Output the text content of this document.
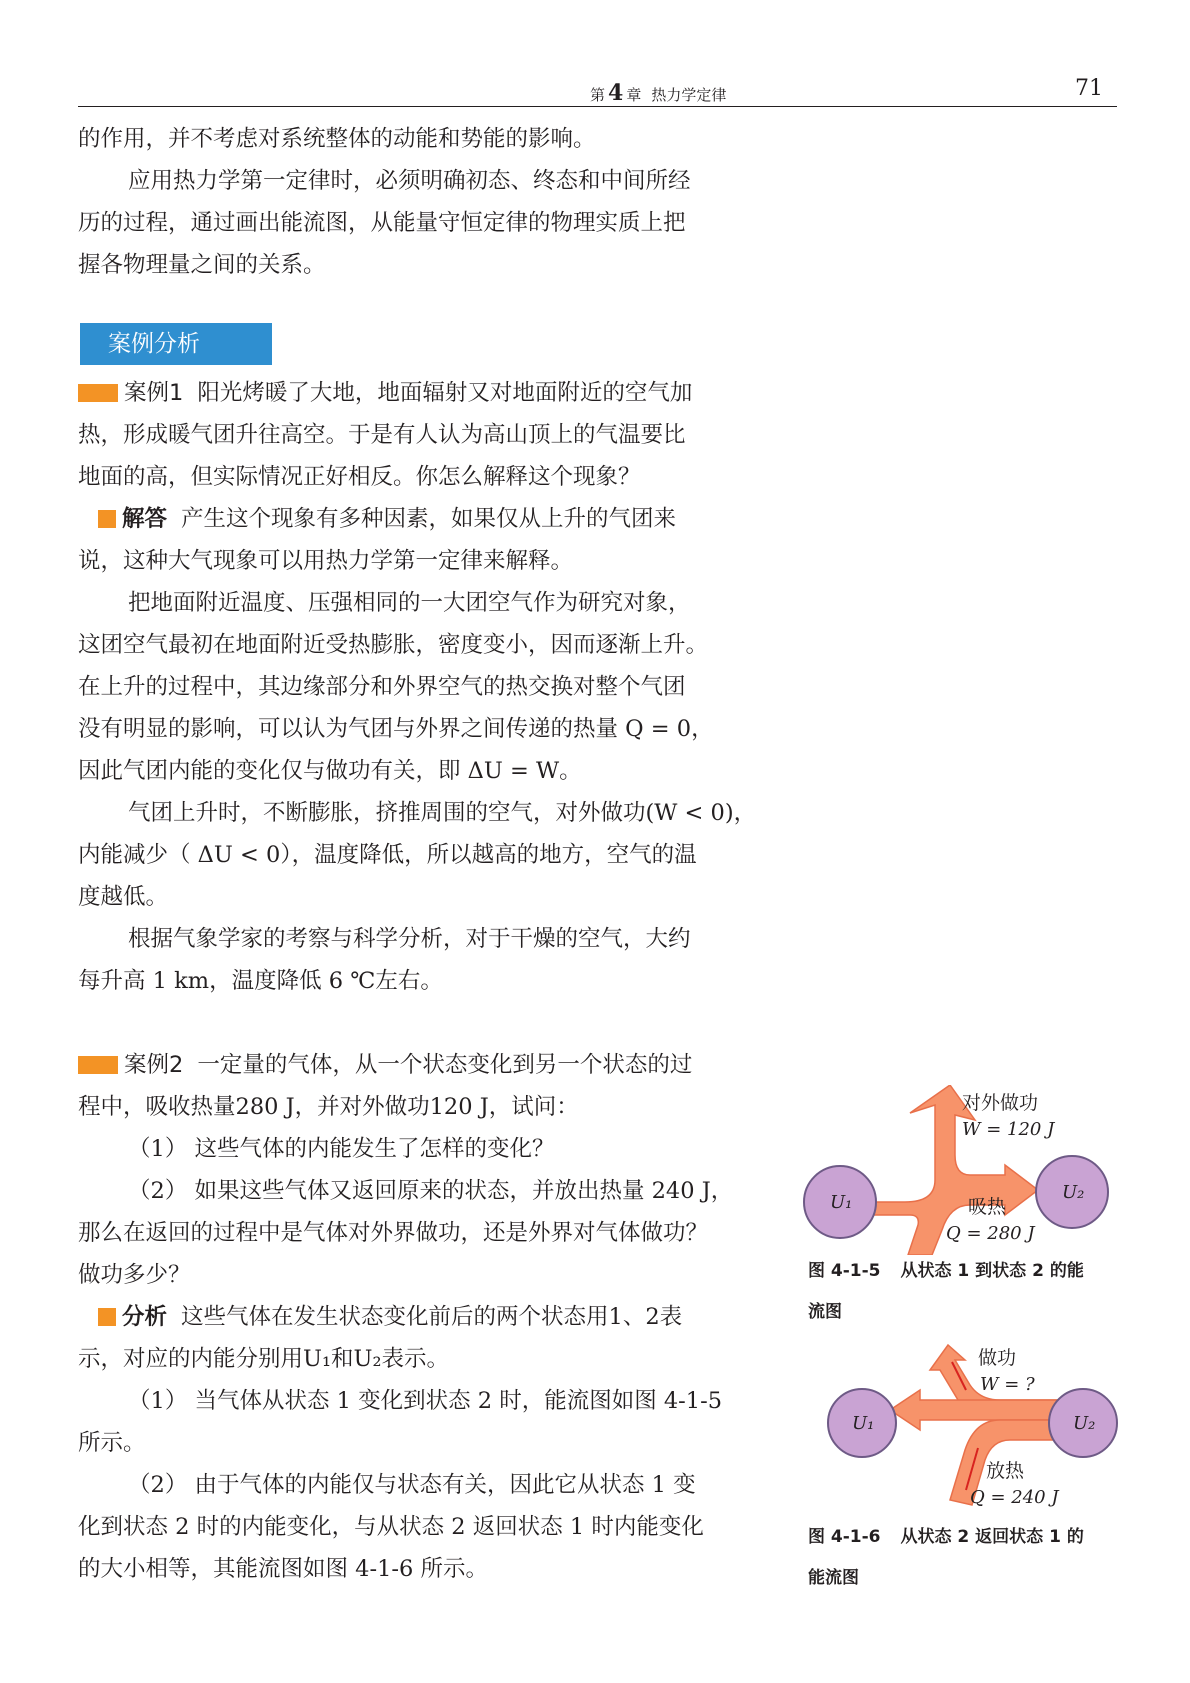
第 4 章 热力学定律	71
的作用，并不考虑对系统整体的动能和势能的影响。
应用热力学第一定律时，必须明确初态、终态和中间所经
历的过程，通过画出能流图，从能量守恒定律的物理实质上把
握各物理量之间的关系。
案例分析
案例1 阳光烤暖了大地，地面辐射又对地面附近的空气加
热，形成暖气团升往高空。于是有人认为高山顶上的气温要比
地面的高，但实际情况正好相反。你怎么解释这个现象？
解答 产生这个现象有多种因素，如果仅从上升的气团来
说，这种大气现象可以用热力学第一定律来解释。
把地面附近温度、压强相同的一大团空气作为研究对象，
这团空气最初在地面附近受热膨胀，密度变小，因而逐渐上升。
在上升的过程中，其边缘部分和外界空气的热交换对整个气团
没有明显的影响，可以认为气团与外界之间传递的热量 Q = 0，
因此气团内能的变化仅与做功有关，即 ΔU = W。
气团上升时，不断膨胀，挤推周围的空气，对外做功(W < 0)，
内能减少（ ΔU < 0），温度降低，所以越高的地方，空气的温
度越低。
根据气象学家的考察与科学分析，对于干燥的空气，大约
每升高 1 km，温度降低 6 ℃左右。
案例2 一定量的气体，从一个状态变化到另一个状态的过
程中，吸收热量280 J，并对外做功120 J，试问：
（1） 这些气体的内能发生了怎样的变化？
（2） 如果这些气体又返回原来的状态，并放出热量 240 J，
那么在返回的过程中是气体对外界做功，还是外界对气体做功？
做功多少？
分析 这些气体在发生状态变化前后的两个状态用1、2表
示，对应的内能分别用U₁和U₂表示。
（1） 当气体从状态 1 变化到状态 2 时，能流图如图 4-1-5
所示。
（2） 由于气体的内能仅与状态有关，因此它从状态 1 变
化到状态 2 时的内能变化，与从状态 2 返回状态 1 时内能变化
的大小相等，其能流图如图 4-1-6 所示。
U₁	U₂
对外做功
W = 120 J
吸热
Q = 280 J
图 4-1-5 从状态 1 到状态 2 的能
流图
U₁	U₂
做功
W = ?
放热
Q = 240 J
图 4-1-6 从状态 2 返回状态 1 的
能流图
